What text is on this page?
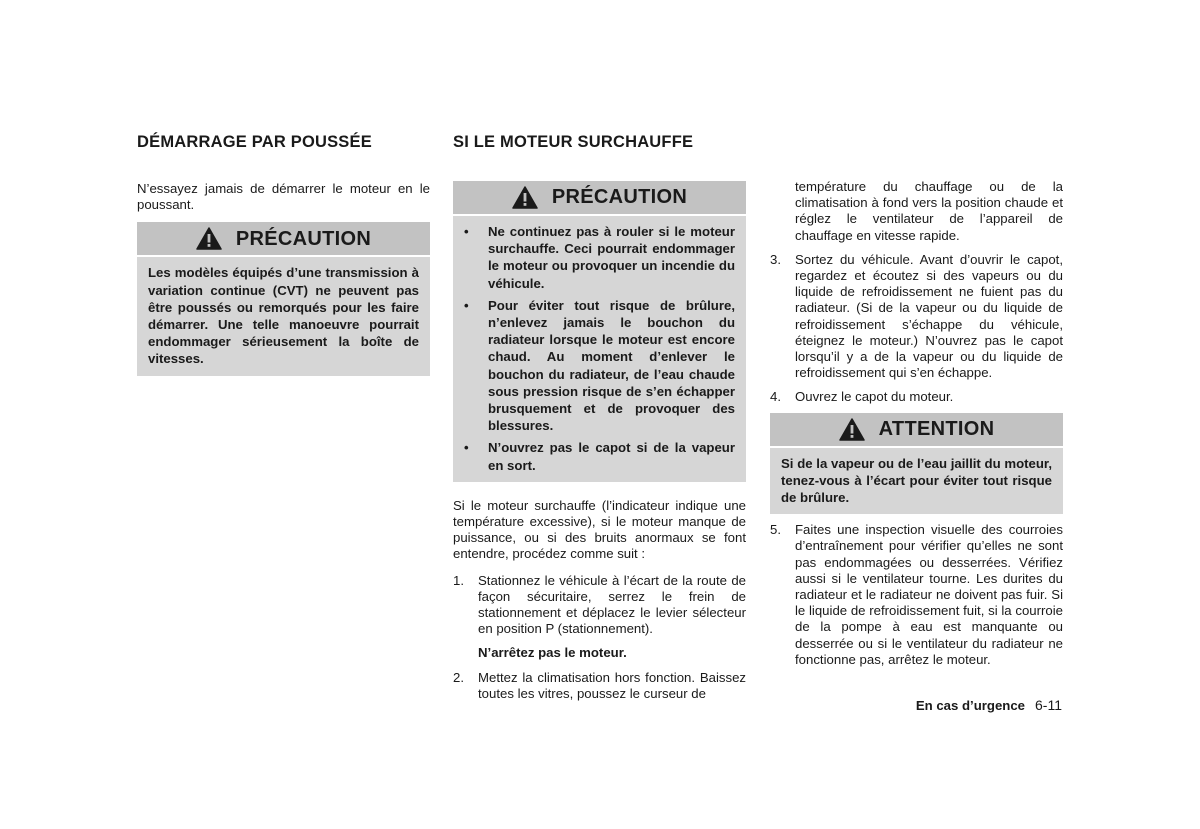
DÉMARRAGE PAR POUSSÉE

N’essayez jamais de démarrer le moteur en le poussant.

PRÉCAUTION
Les modèles équipés d’une transmission à variation continue (CVT) ne peuvent pas être poussés ou remorqués pour les faire démarrer. Une telle manoeuvre pourrait endommager sérieusement la boîte de vitesses.
SI LE MOTEUR SURCHAUFFE
PRÉCAUTION
•	Ne continuez pas à rouler si le moteur surchauffe. Ceci pourrait endommager le moteur ou provoquer un incendie du véhicule.
•	Pour éviter tout risque de brûlure, n’enlevez jamais le bouchon du radiateur lorsque le moteur est encore chaud. Au moment d’enlever le bouchon du radiateur, de l’eau chaude sous pression risque de s’en échapper brusquement et de provoquer des blessures.
•	N’ouvrez pas le capot si de la vapeur en sort.

Si le moteur surchauffe (l’indicateur indique une température excessive), si le moteur manque de puissance, ou si des bruits anormaux se font entendre, procédez comme suit :

1. Stationnez le véhicule à l’écart de la route de façon sécuritaire, serrez le frein de stationnement et déplacez le levier sélecteur en position P (stationnement).
N’arrêtez pas le moteur.
2. Mettez la climatisation hors fonction. Baissez toutes les vitres, poussez le curseur de

température du chauffage ou de la climatisation à fond vers la position chaude et réglez le ventilateur de l’appareil de chauffage en vitesse rapide.

3. Sortez du véhicule. Avant d’ouvrir le capot, regardez et écoutez si des vapeurs ou du liquide de refroidissement ne fuient pas du radiateur. (Si de la vapeur ou du liquide de refroidissement s’échappe du véhicule, éteignez le moteur.) N’ouvrez pas le capot lorsqu’il y a de la vapeur ou du liquide de refroidissement qui s’en échappe.
4. Ouvrez le capot du moteur.
ATTENTION
Si de la vapeur ou de l’eau jaillit du moteur, tenez-vous à l’écart pour éviter tout risque de brûlure.
5. Faites une inspection visuelle des courroies d’entraînement pour vérifier qu’elles ne sont pas endommagées ou desserrées. Vérifiez aussi si le ventilateur tourne. Les durites du radiateur et le radiateur ne doivent pas fuir. Si le liquide de refroidissement fuit, si la courroie de la pompe à eau est manquante ou desserrée ou si le ventilateur du radiateur ne fonctionne pas, arrêtez le moteur.
En cas d’urgence 6-11
